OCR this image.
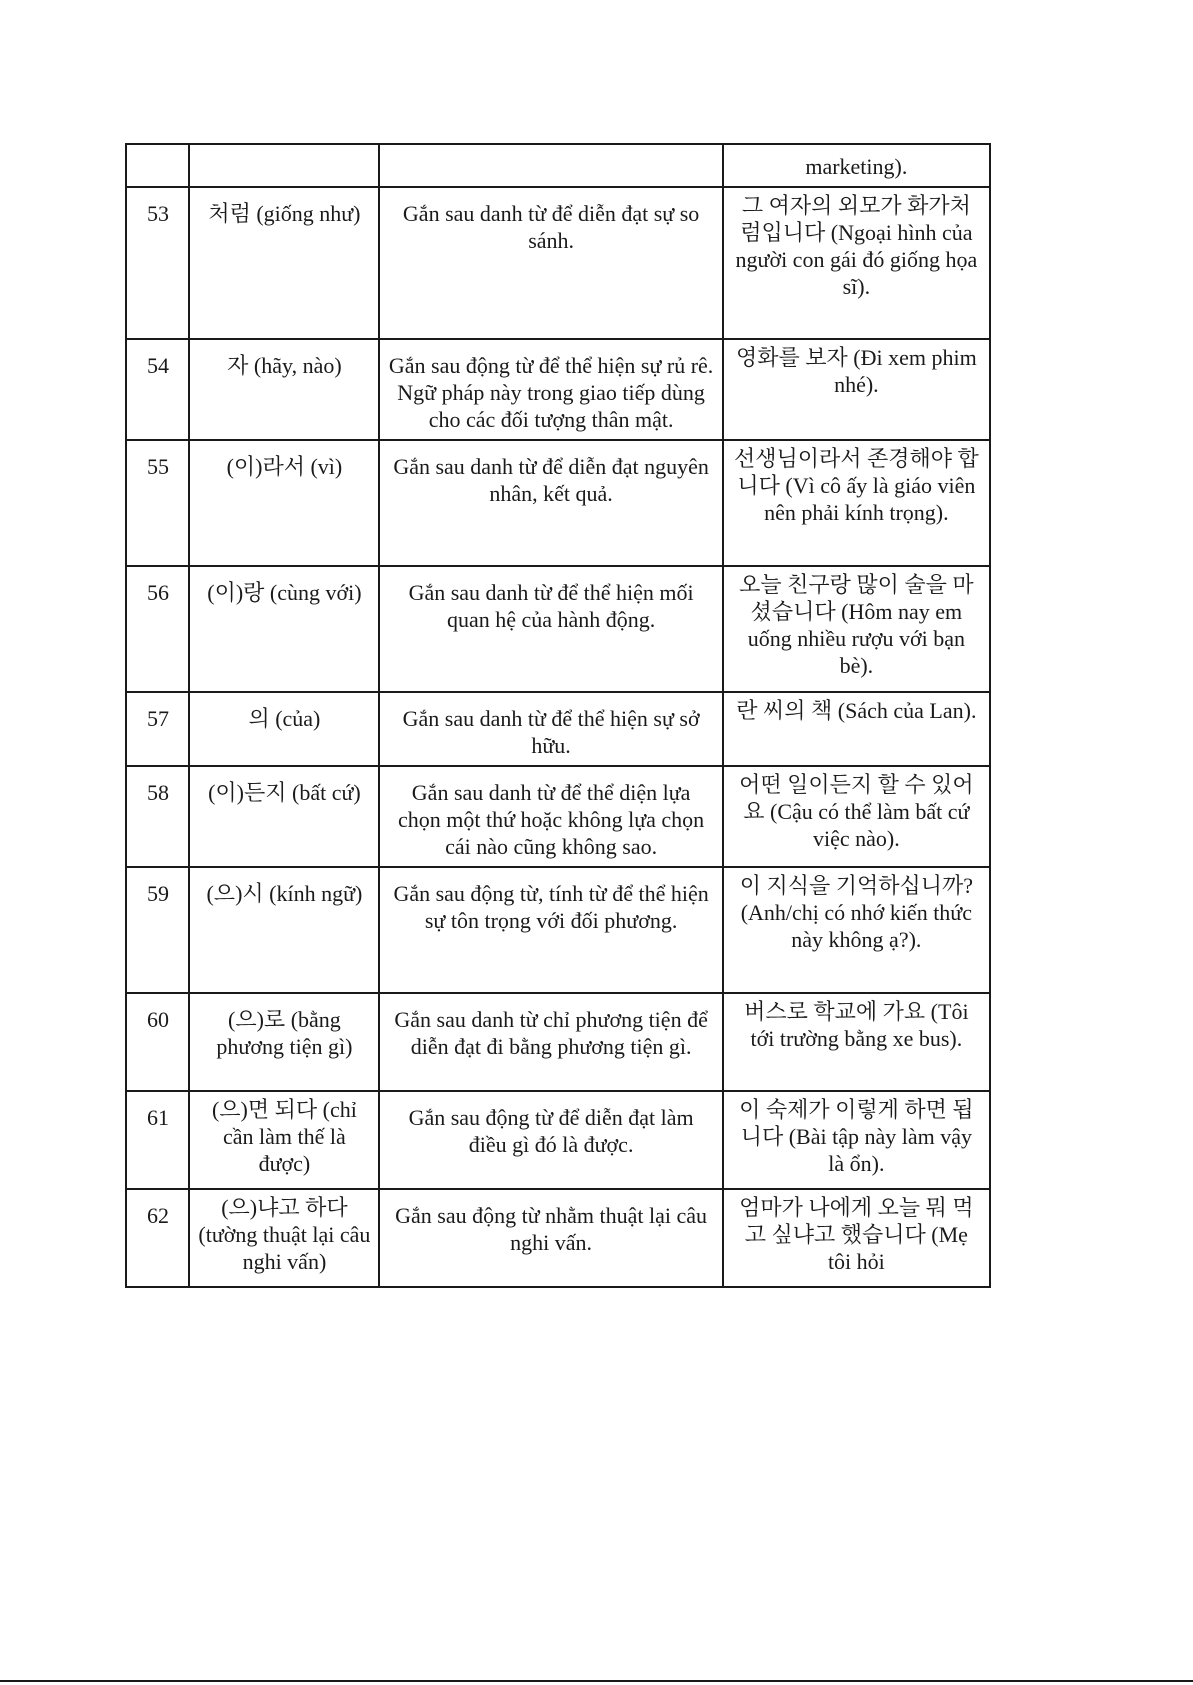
			marketing).
53	처럼 (giống như)	Gắn sau danh từ để diễn đạt sự so sánh.	그 여자의 외모가 화가처럼입니다 (Ngoại hình của người con gái đó giống họa sĩ).
54	자 (hãy, nào)	Gắn sau động từ để thể hiện sự rủ rê. Ngữ pháp này trong giao tiếp dùng cho các đối tượng thân mật.	영화를 보자 (Đi xem phim nhé).
55	(이)라서 (vì)	Gắn sau danh từ để diễn đạt nguyên nhân, kết quả.	선생님이라서 존경해야 합니다 (Vì cô ấy là giáo viên nên phải kính trọng).
56	(이)랑 (cùng với)	Gắn sau danh từ để thể hiện mối quan hệ của hành động.	오늘 친구랑 많이 술을 마셨습니다 (Hôm nay em uống nhiều rượu với bạn bè).
57	의 (của)	Gắn sau danh từ để thể hiện sự sở hữu.	란 씨의 책 (Sách của Lan).
58	(이)든지 (bất cứ)	Gắn sau danh từ để thể diện lựa chọn một thứ hoặc không lựa chọn cái nào cũng không sao.	어떤 일이든지 할 수 있어요 (Cậu có thể làm bất cứ việc nào).
59	(으)시 (kính ngữ)	Gắn sau động từ, tính từ để thể hiện sự tôn trọng với đối phương.	이 지식을 기억하십니까? (Anh/chị có nhớ kiến thức này không ạ?).
60	(으)로 (bằng phương tiện gì)	Gắn sau danh từ chỉ phương tiện để diễn đạt đi bằng phương tiện gì.	버스로 학교에 가요 (Tôi tới trường bằng xe bus).
61	(으)면 되다 (chỉ cần làm thế là được)	Gắn sau động từ để diễn đạt làm điều gì đó là được.	이 숙제가 이렇게 하면 됩니다 (Bài tập này làm vậy là ổn).
62	(으)냐고 하다 (tường thuật lại câu nghi vấn)	Gắn sau động từ nhằm thuật lại câu nghi vấn.	엄마가 나에게 오늘 뭐 먹고 싶냐고 했습니다 (Mẹ tôi hỏi
